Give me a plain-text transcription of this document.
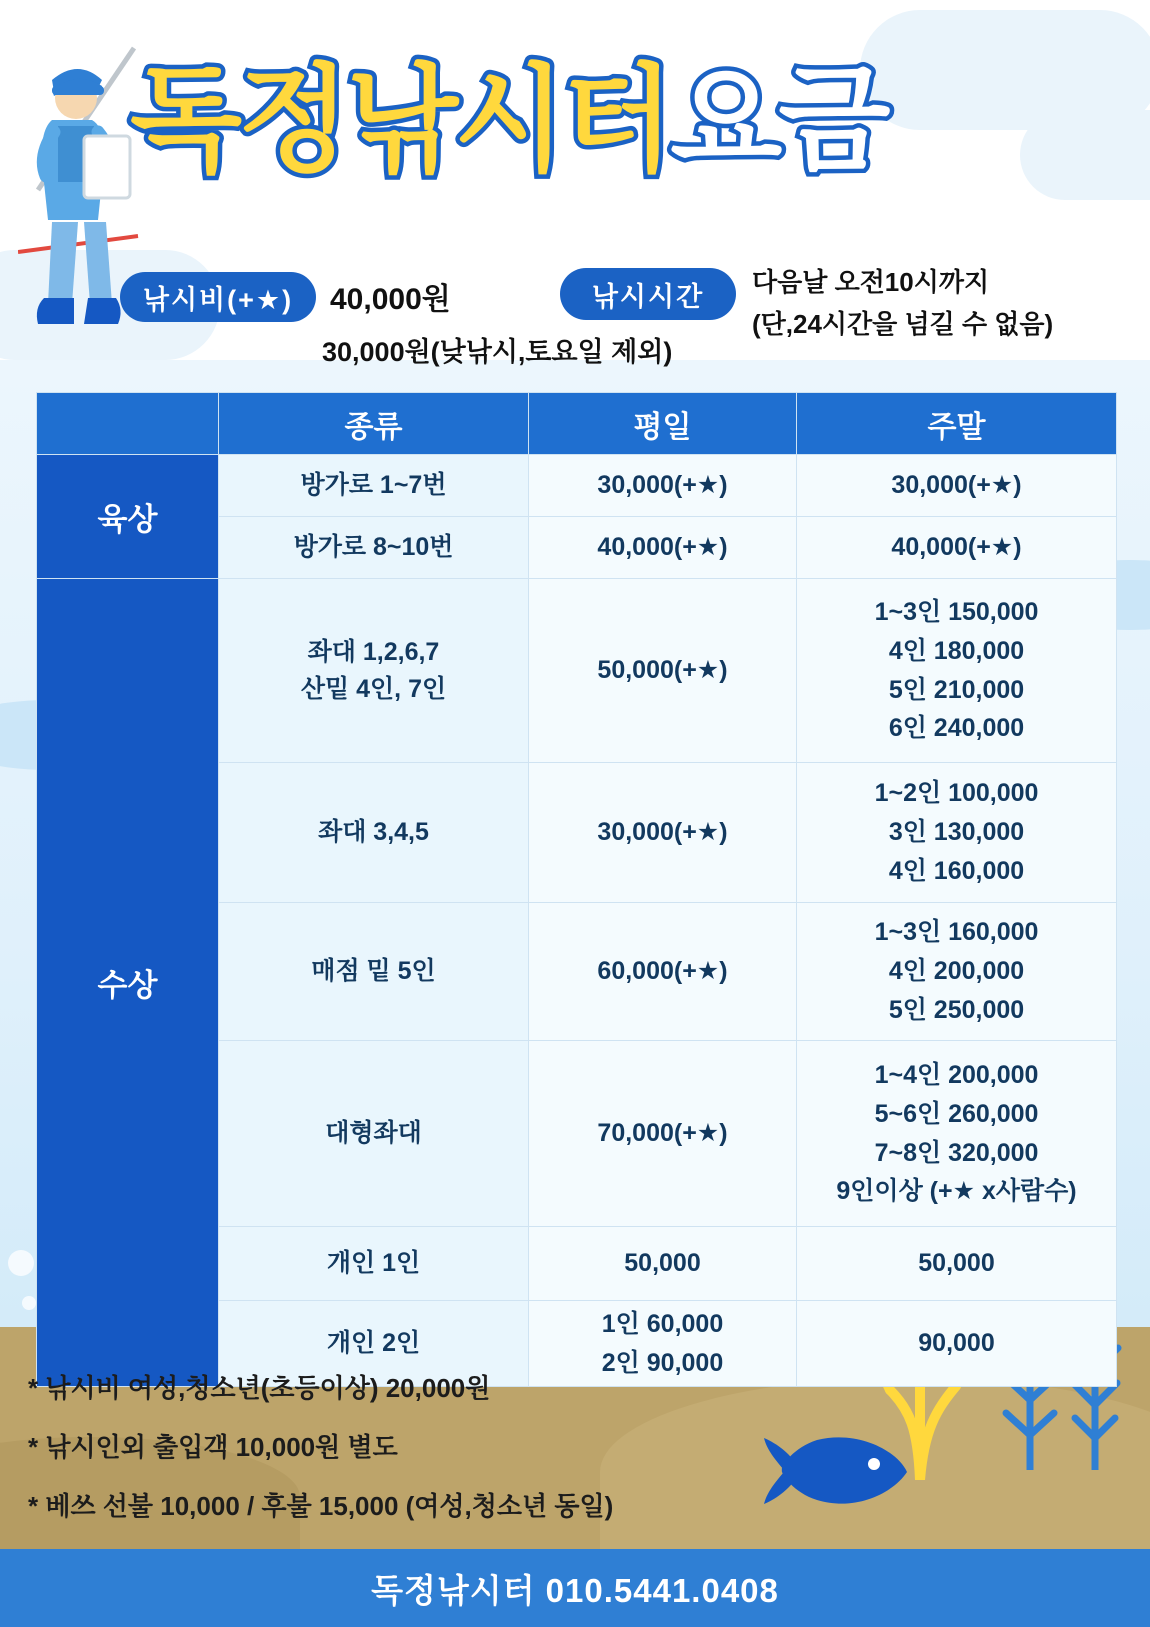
독정낚시터요금
낚시비(+★)	40,000원
30,000원(낮낚시,토요일 제외)
낚시시간	다음날 오전10시까지
(단,24시간을 넘길 수 없음)
	종류	평일	주말
육상	방가로 1~7번	30,000(+★)	30,000(+★)
	방가로 8~10번	40,000(+★)	40,000(+★)
수상	좌대 1,2,6,7
산밑 4인, 7인	50,000(+★)	1~3인 150,000
4인 180,000
5인 210,000
6인 240,000

	좌대 3,4,5	30,000(+★)	1~2인 100,000
3인 130,000
4인 160,000

	매점 밑 5인	60,000(+★)	1~3인 160,000
4인 200,000
5인 250,000

	대형좌대	70,000(+★)	1~4인 200,000
5~6인 260,000
7~8인 320,000
9인이상 (+★ x사람수)

	개인 1인	50,000	50,000
	개인 2인	1인 60,000
2인 90,000	90,000
* 낚시비 여성,청소년(초등이상) 20,000원
* 낚시인외 출입객 10,000원 별도
* 베쓰 선불 10,000 / 후불 15,000 (여성,청소년 동일)
독정낚시터 010.5441.0408
